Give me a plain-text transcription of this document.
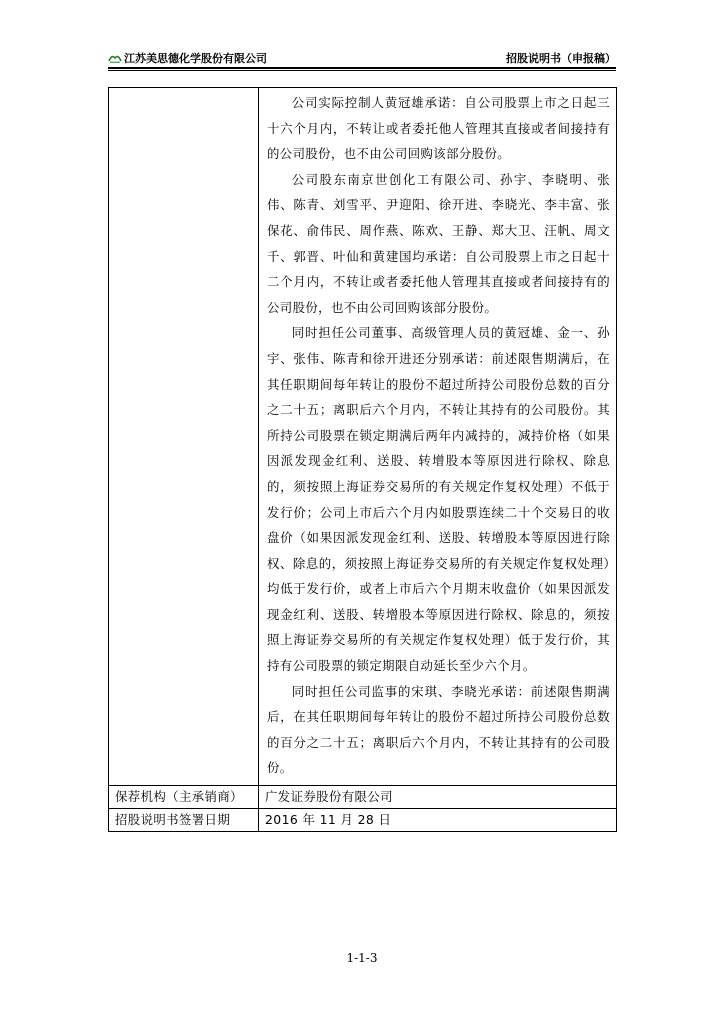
江苏美思德化学股份有限公司	招股说明书（申报稿）

	公司实际控制人黄冠雄承诺：自公司股票上市之日起三十六个月内，不转让或者委托他人管理其直接或者间接持有的公司股份，也不由公司回购该部分股份。

公司股东南京世创化工有限公司、孙宇、李晓明、张伟、陈青、刘雪平、尹迎阳、徐开进、李晓光、李丰富、张保花、俞伟民、周作燕、陈欢、王静、郑大卫、汪帆、周文千、郭晋、叶仙和黄建国均承诺：自公司股票上市之日起十二个月内，不转让或者委托他人管理其直接或者间接持有的公司股份，也不由公司回购该部分股份。

同时担任公司董事、高级管理人员的黄冠雄、金一、孙宇、张伟、陈青和徐开进还分别承诺：前述限售期满后，在其任职期间每年转让的股份不超过所持公司股份总数的百分之二十五；离职后六个月内，不转让其持有的公司股份。其所持公司股票在锁定期满后两年内减持的，减持价格（如果因派发现金红利、送股、转增股本等原因进行除权、除息的，须按照上海证券交易所的有关规定作复权处理）不低于发行价；公司上市后六个月内如股票连续二十个交易日的收盘价（如果因派发现金红利、送股、转增股本等原因进行除权、除息的，须按照上海证券交易所的有关规定作复权处理）均低于发行价，或者上市后六个月期末收盘价（如果因派发现金红利、送股、转增股本等原因进行除权、除息的，须按照上海证券交易所的有关规定作复权处理）低于发行价，其持有公司股票的锁定期限自动延长至少六个月。

同时担任公司监事的宋琪、李晓光承诺：前述限售期满后，在其任职期间每年转让的股份不超过所持公司股份总数的百分之二十五；离职后六个月内，不转让其持有的公司股份。

保荐机构（主承销商）	广发证券股份有限公司
招股说明书签署日期	2016 年 11 月 28 日
1-1-3
